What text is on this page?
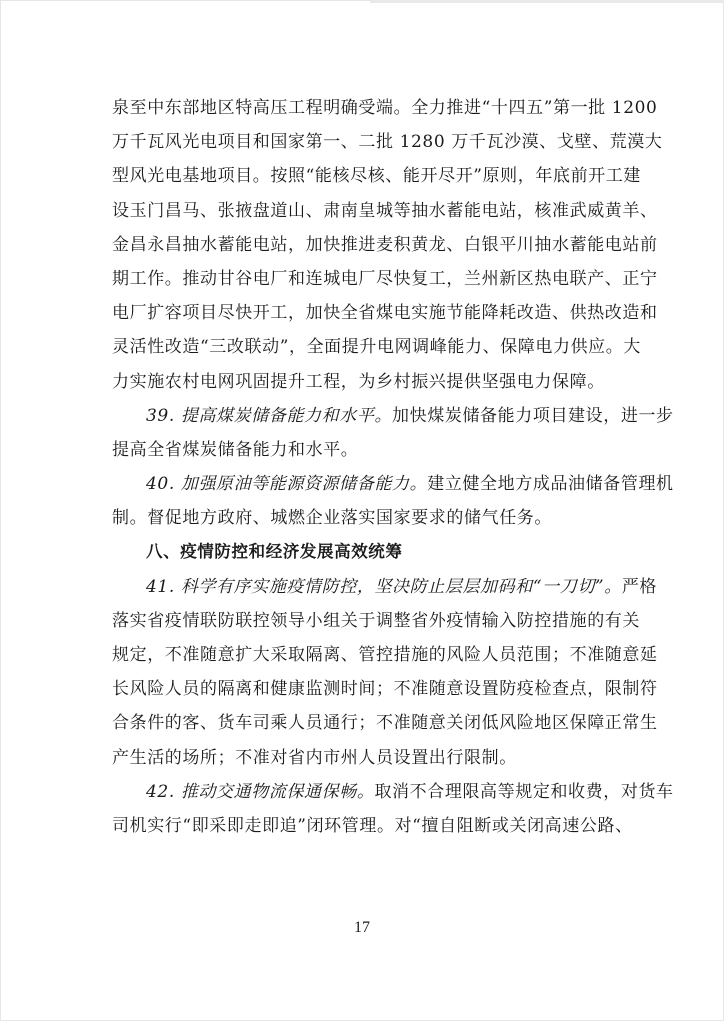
泉至中东部地区特高压工程明确受端。全力推进“十四五”第一批 1200
万千瓦风光电项目和国家第一、二批 1280 万千瓦沙漠、戈壁、荒漠大
型风光电基地项目。按照“能核尽核、能开尽开”原则，年底前开工建
设玉门昌马、张掖盘道山、肃南皇城等抽水蓄能电站，核准武威黄羊、
金昌永昌抽水蓄能电站，加快推进麦积黄龙、白银平川抽水蓄能电站前
期工作。推动甘谷电厂和连城电厂尽快复工，兰州新区热电联产、正宁
电厂扩容项目尽快开工，加快全省煤电实施节能降耗改造、供热改造和
灵活性改造“三改联动”，全面提升电网调峰能力、保障电力供应。大
力实施农村电网巩固提升工程，为乡村振兴提供坚强电力保障。
39. 提高煤炭储备能力和水平。加快煤炭储备能力项目建设，进一步
提高全省煤炭储备能力和水平。
40. 加强原油等能源资源储备能力。建立健全地方成品油储备管理机
制。督促地方政府、城燃企业落实国家要求的储气任务。
八、疫情防控和经济发展高效统筹
41. 科学有序实施疫情防控，坚决防止层层加码和“一刀切”。严格
落实省疫情联防联控领导小组关于调整省外疫情输入防控措施的有关
规定，不准随意扩大采取隔离、管控措施的风险人员范围；不准随意延
长风险人员的隔离和健康监测时间；不准随意设置防疫检查点，限制符
合条件的客、货车司乘人员通行；不准随意关闭低风险地区保障正常生
产生活的场所；不准对省内市州人员设置出行限制。
42. 推动交通物流保通保畅。取消不合理限高等规定和收费，对货车
司机实行“即采即走即追”闭环管理。对“擅自阻断或关闭高速公路、
17
